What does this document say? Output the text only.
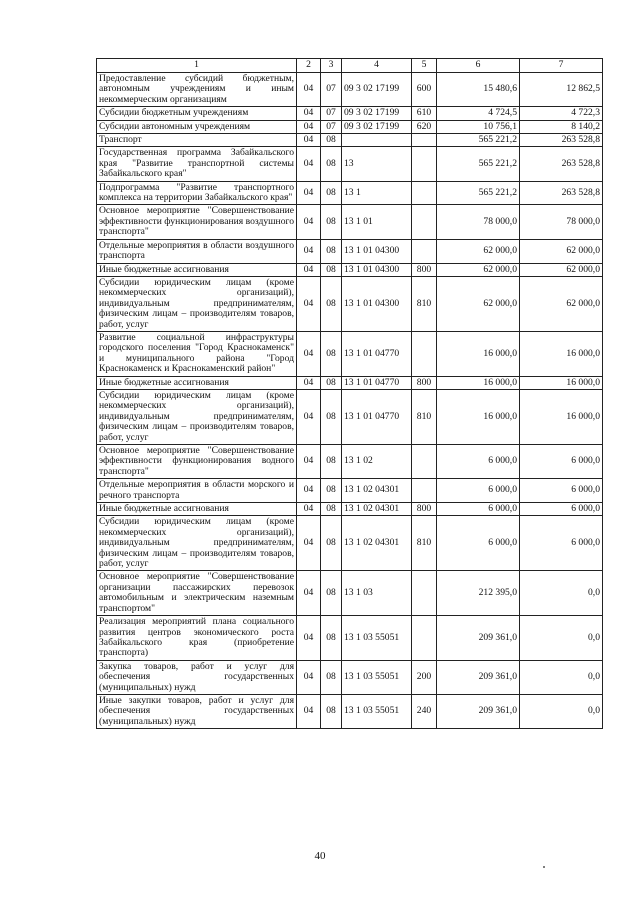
1	2	3	4	5	6	7
Предоставление субсидий бюджетным, автономным учреждениям и иным некоммерческим организациям	04	07	09 3 02 17199	600	15 480,6	12 862,5
Субсидии бюджетным учреждениям	04	07	09 3 02 17199	610	4 724,5	4 722,3
Субсидии автономным учреждениям	04	07	09 3 02 17199	620	10 756,1	8 140,2
Транспорт	04	08			565 221,2	263 528,8
Государственная программа Забайкальского края "Развитие транспортной системы Забайкальского края"	04	08	13		565 221,2	263 528,8
Подпрограмма "Развитие транспортного комплекса на территории Забайкальского края"	04	08	13 1		565 221,2	263 528,8
Основное мероприятие "Совершенствование эффективности функционирования воздушного транспорта"	04	08	13 1 01		78 000,0	78 000,0
Отдельные мероприятия в области воздушного транспорта	04	08	13 1 01 04300		62 000,0	62 000,0
Иные бюджетные ассигнования	04	08	13 1 01 04300	800	62 000,0	62 000,0
Субсидии юридическим лицам (кроме некоммерческих организаций), индивидуальным предпринимателям, физическим лицам – производителям товаров, работ, услуг	04	08	13 1 01 04300	810	62 000,0	62 000,0
Развитие социальной инфраструктуры городского поселения "Город Краснокаменск" и муниципального района "Город Краснокаменск и Краснокаменский район"	04	08	13 1 01 04770		16 000,0	16 000,0
Иные бюджетные ассигнования	04	08	13 1 01 04770	800	16 000,0	16 000,0
Субсидии юридическим лицам (кроме некоммерческих организаций), индивидуальным предпринимателям, физическим лицам – производителям товаров, работ, услуг	04	08	13 1 01 04770	810	16 000,0	16 000,0
Основное мероприятие "Совершенствование эффективности функционирования водного транспорта"	04	08	13 1 02		6 000,0	6 000,0
Отдельные мероприятия в области морского и речного транспорта	04	08	13 1 02 04301		6 000,0	6 000,0
Иные бюджетные ассигнования	04	08	13 1 02 04301	800	6 000,0	6 000,0
Субсидии юридическим лицам (кроме некоммерческих организаций), индивидуальным предпринимателям, физическим лицам – производителям товаров, работ, услуг	04	08	13 1 02 04301	810	6 000,0	6 000,0
Основное мероприятие "Совершенствование организации пассажирских перевозок автомобильным и электрическим наземным транспортом"	04	08	13 1 03		212 395,0	0,0
Реализация мероприятий плана социального развития центров экономического роста Забайкальского края (приобретение транспорта)	04	08	13 1 03 55051		209 361,0	0,0
Закупка товаров, работ и услуг для обеспечения государственных (муниципальных) нужд	04	08	13 1 03 55051	200	209 361,0	0,0
Иные закупки товаров, работ и услуг для обеспечения государственных (муниципальных) нужд	04	08	13 1 03 55051	240	209 361,0	0,0
40
